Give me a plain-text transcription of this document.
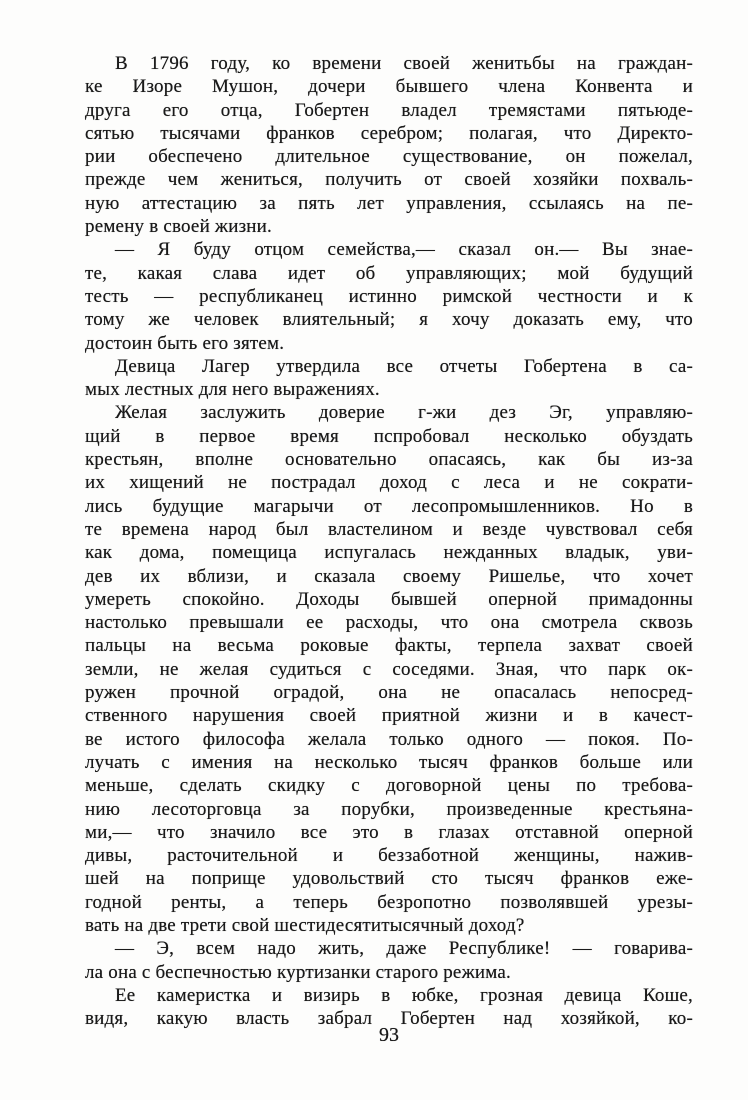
В 1796 году, ко времени своей женитьбы на граждан-
ке Изоре Мушон, дочери бывшего члена Конвента и
друга его отца, Гобертен владел тремястами пятьюде-
сятью тысячами франков серебром; полагая, что Директо-
рии обеспечено длительное существование, он пожелал,
прежде чем жениться, получить от своей хозяйки похваль-
ную аттестацию за пять лет управления, ссылаясь на пе-
ремену в своей жизни.
— Я буду отцом семейства,— сказал он.— Вы знае-
те, какая слава идет об управляющих; мой будущий
тесть — республиканец истинно римской честности и к
тому же человек влиятельный; я хочу доказать ему, что
достоин быть его зятем.
Девица Лагер утвердила все отчеты Гобертена в са-
мых лестных для него выражениях.
Желая заслужить доверие г-жи дез Эг, управляю-
щий в первое время пспробовал несколько обуздать
крестьян, вполне основательно опасаясь, как бы из-за
их хищений не пострадал доход с леса и не сократи-
лись будущие магарычи от лесопромышленников. Но в
те времена народ был властелином и везде чувствовал себя
как дома, помещица испугалась нежданных владык, уви-
дев их вблизи, и сказала своему Ришелье, что хочет
умереть спокойно. Доходы бывшей оперной примадонны
настолько превышали ее расходы, что она смотрела сквозь
пальцы на весьма роковые факты, терпела захват своей
земли, не желая судиться с соседями. Зная, что парк ок-
ружен прочной оградой, она не опасалась непосред-
ственного нарушения своей приятной жизни и в качест-
ве истого философа желала только одного — покоя. По-
лучать с имения на несколько тысяч франков больше или
меньше, сделать скидку с договорной цены по требова-
нию лесоторговца за порубки, произведенные крестьяна-
ми,— что значило все это в глазах отставной оперной
дивы, расточительной и беззаботной женщины, нажив-
шей на поприще удовольствий сто тысяч франков еже-
годной ренты, а теперь безропотно позволявшей урезы-
вать на две трети свой шестидесятитысячный доход?
— Э, всем надо жить, даже Республике! — говарива-
ла она с беспечностью куртизанки старого режима.
Ее камеристка и визирь в юбке, грозная девица Коше,
видя, какую власть забрал Гобертен над хозяйкой, ко-
93
